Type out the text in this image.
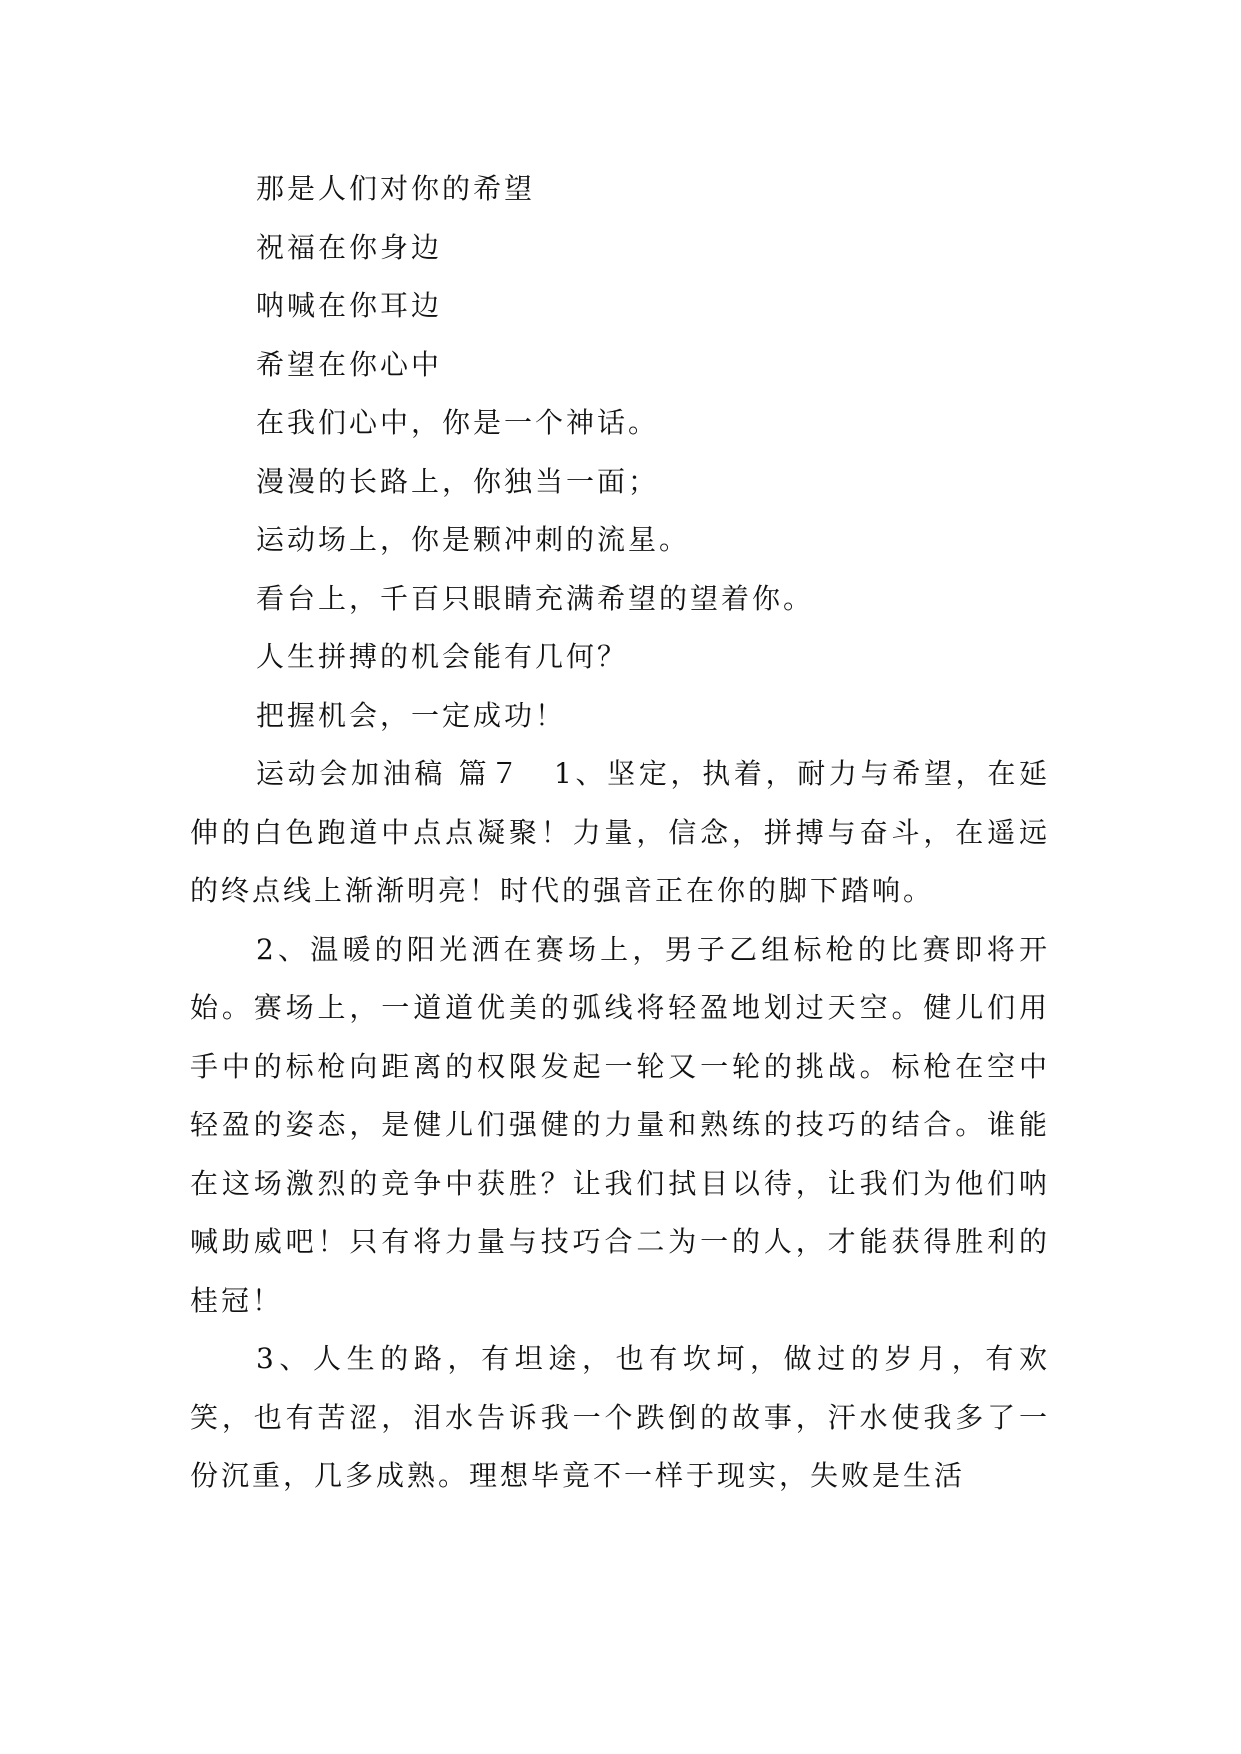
那是人们对你的希望

祝福在你身边

呐喊在你耳边

希望在你心中

在我们心中，你是一个神话。

漫漫的长路上，你独当一面；

运动场上，你是颗冲刺的流星。

看台上，千百只眼睛充满希望的望着你。

人生拼搏的机会能有几何？

把握机会，一定成功！

运动会加油稿 篇７ 1、坚定，执着，耐力与希望，在延伸的白色跑道中点点凝聚！力量，信念，拼搏与奋斗，在遥远的终点线上渐渐明亮！时代的强音正在你的脚下踏响。

2、温暖的阳光洒在赛场上，男子乙组标枪的比赛即将开始。赛场上，一道道优美的弧线将轻盈地划过天空。健儿们用手中的标枪向距离的权限发起一轮又一轮的挑战。标枪在空中轻盈的姿态，是健儿们强健的力量和熟练的技巧的结合。谁能在这场激烈的竞争中获胜？让我们拭目以待，让我们为他们呐喊助威吧！只有将力量与技巧合二为一的人，才能获得胜利的桂冠！

3、人生的路，有坦途，也有坎坷，做过的岁月，有欢笑，也有苦涩，泪水告诉我一个跌倒的故事，汗水使我多了一份沉重，几多成熟。理想毕竟不一样于现实，失败是生活
